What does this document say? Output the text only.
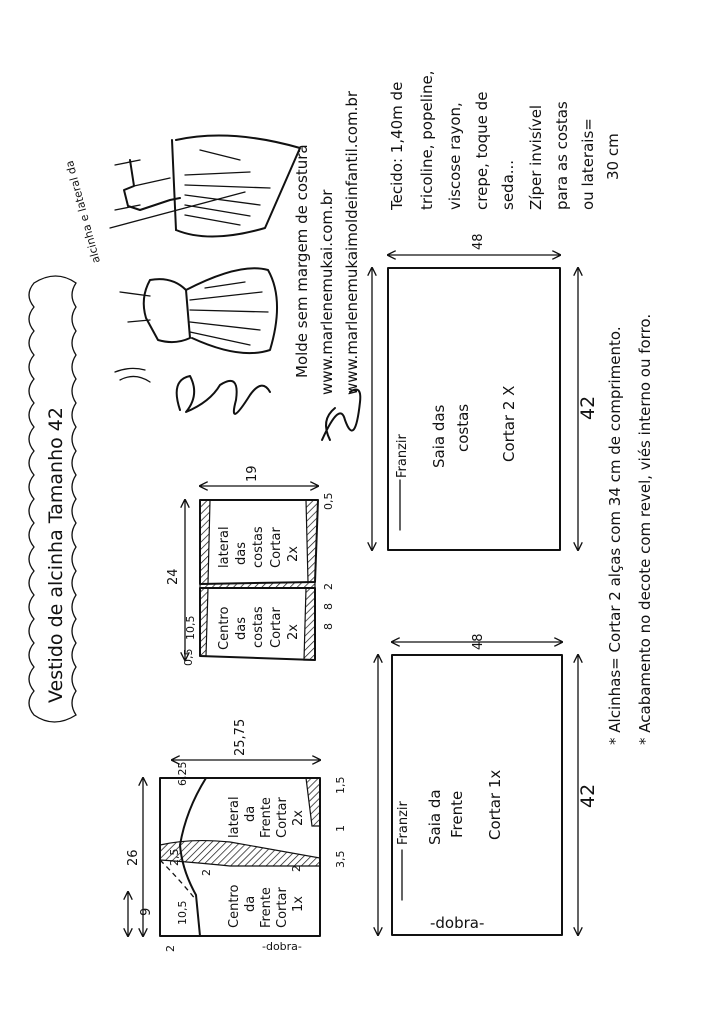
Vestido de alcinha Tamanho 42
alcinha e lateral da	Molde sem margem de costura www.marlenemukai.com.br www.marlenemukaimoldeinfantil.com.br Tecido: 1,40m de tricoline, popeline, viscose rayon, crepe, toque de seda... Zíper invisível para as costas ou laterais= 30 cm
* Alcinhas= Cortar 2 alças com 34 cm de comprimento. * Acabamento no decote com revel, viés interno ou forro.
48
42
Franzir Saia das costas Cortar 2 X
48
42
Franzir Saia da Frente Cortar 1x
-dobra-
24
19
10,5
0,5
2
8
8
0,5
lateral das costas Cortar 2x
Centro das costas Cortar 2x
26
25,75
6,25	1,5
1
3,5
9 10,5
2,5
2
2
2
lateral da Frente Cortar 2x
Centro da Frente Cortar 1x
-dobra-
